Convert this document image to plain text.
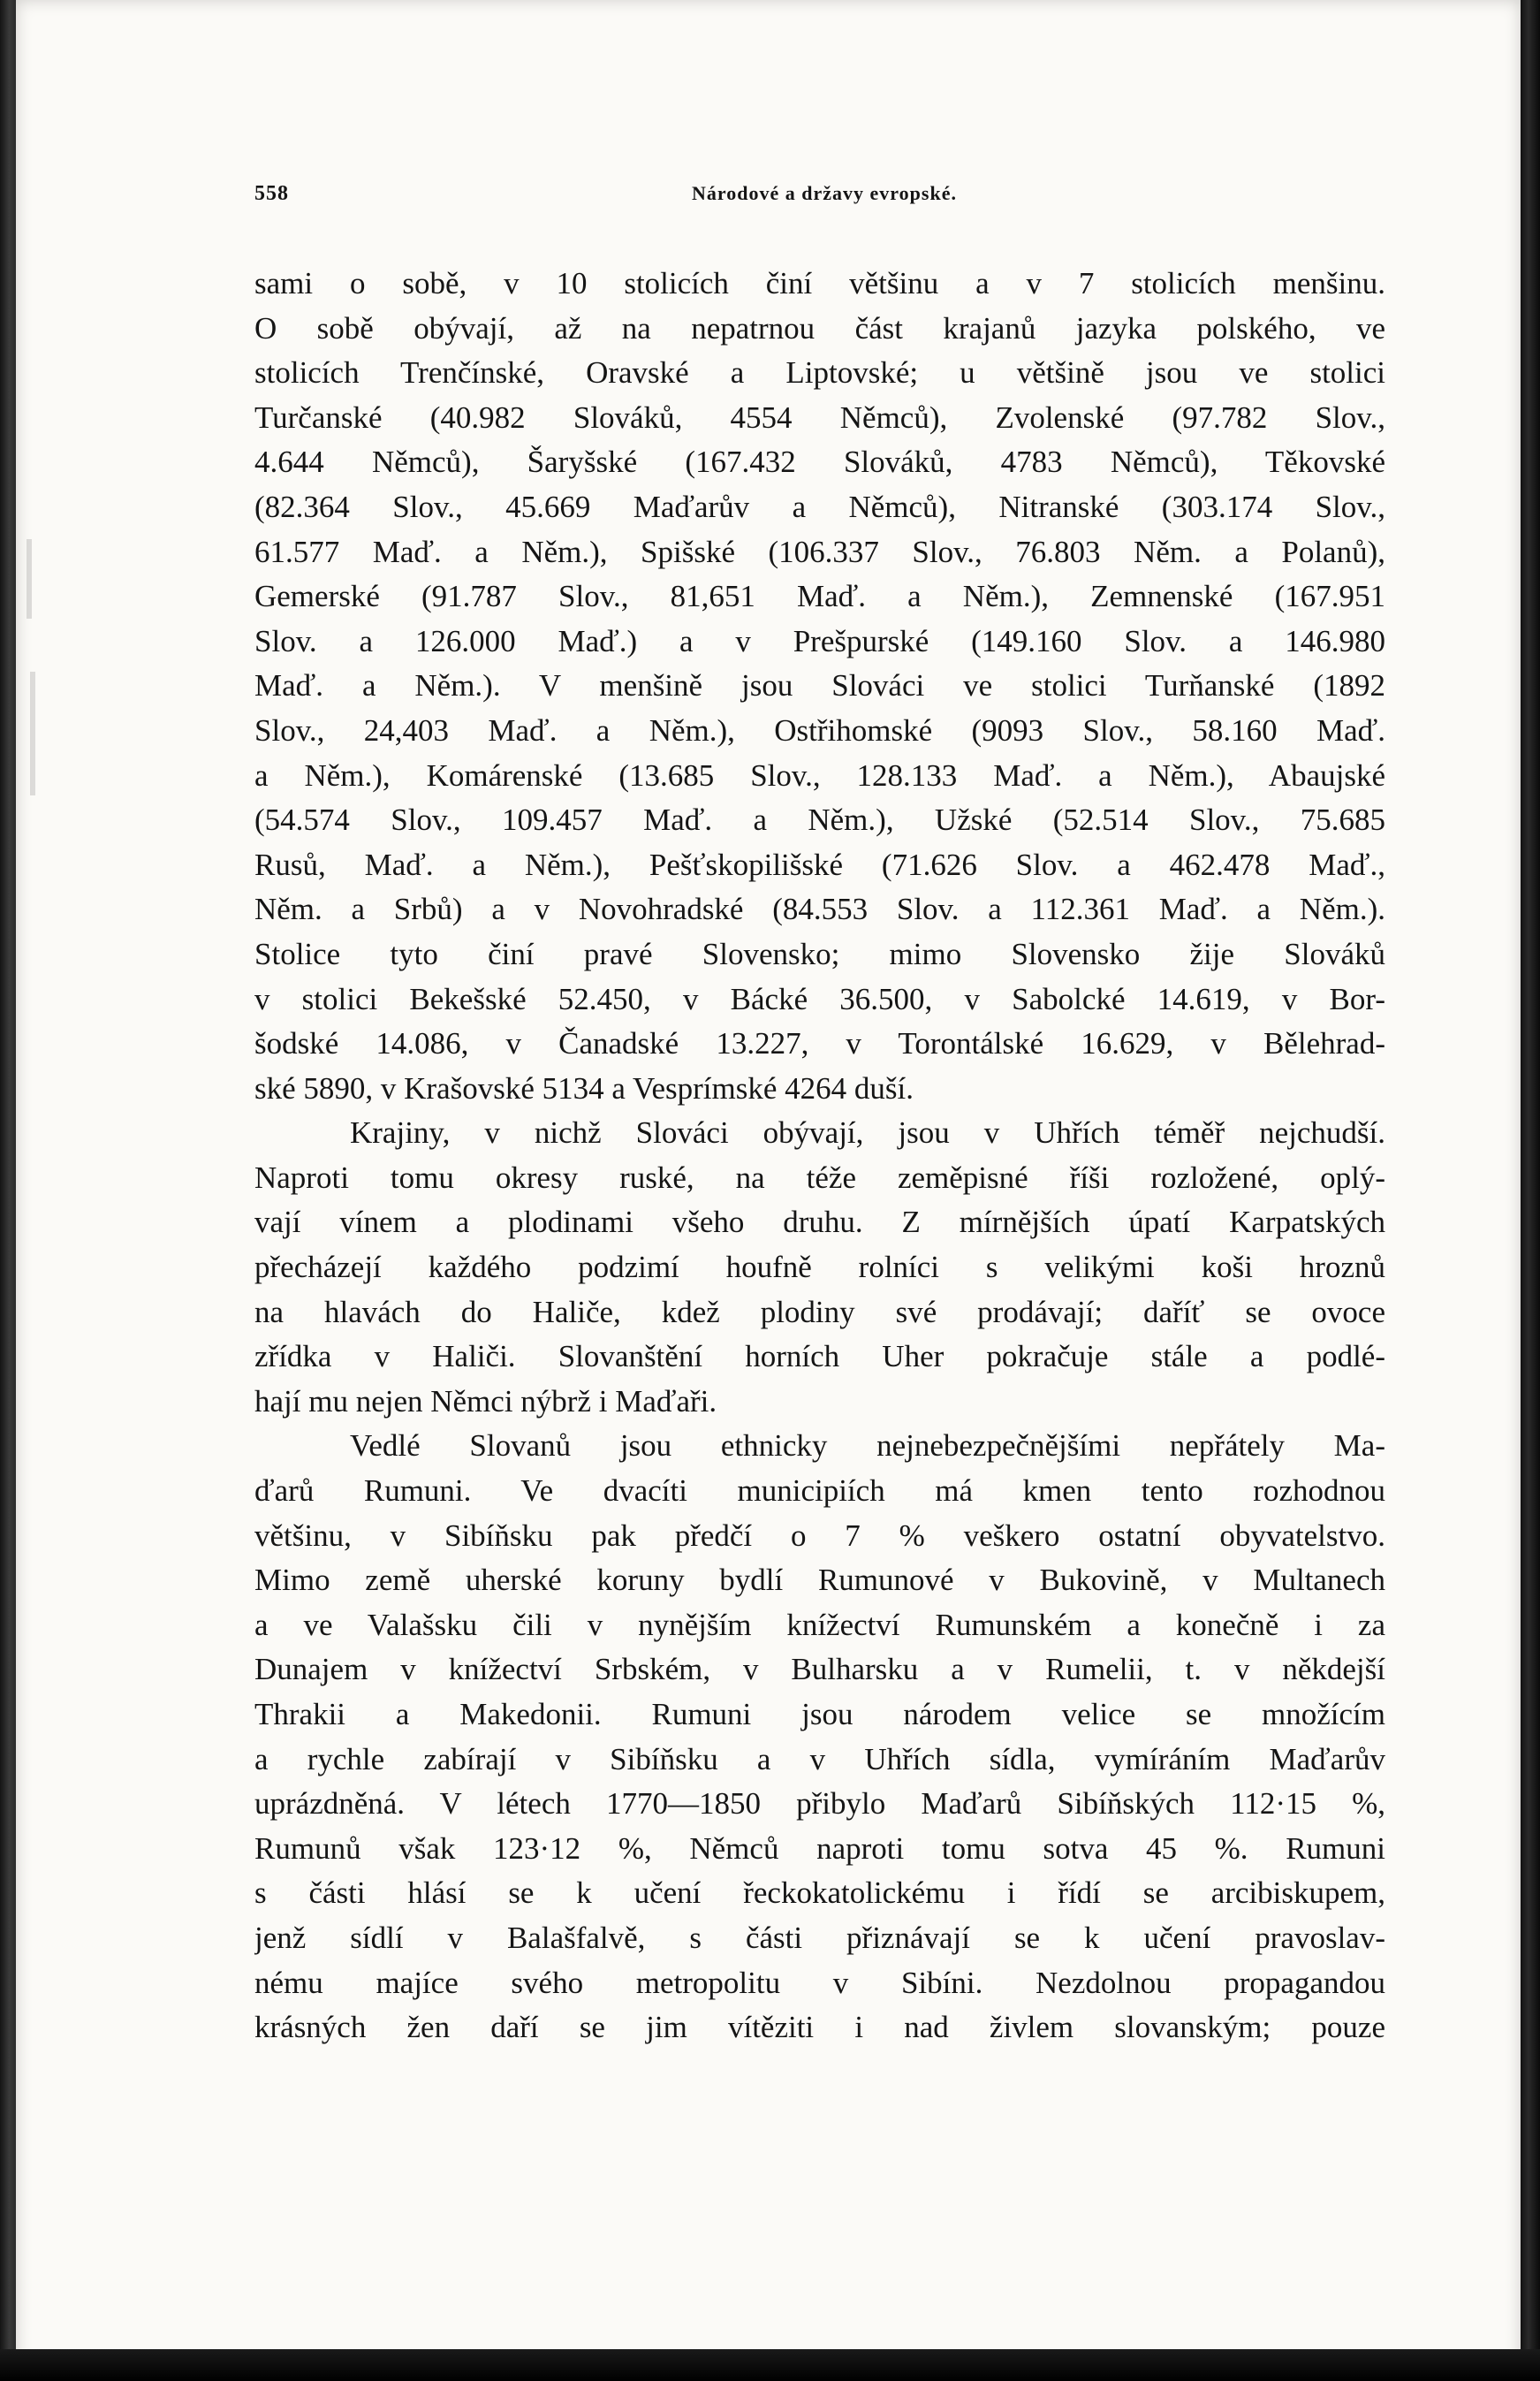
558	Národové a državy evropské.
sami o sobě, v 10 stolicích činí většinu a v 7 stolicích menšinu.
O sobě obývají, až na nepatrnou část krajanů jazyka polského, ve
stolicích Trenčínské, Oravské a Liptovské; u většině jsou ve stolici
Turčanské (40.982 Slováků, 4554 Němců), Zvolenské (97.782 Slov.,
4.644 Němců), Šaryšské (167.432 Slováků, 4783 Němců), Těkovské
(82.364 Slov., 45.669 Maďarův a Němců), Nitranské (303.174 Slov.,
61.577 Maď. a Něm.), Spišské (106.337 Slov., 76.803 Něm. a Polanů),
Gemerské (91.787 Slov., 81,651 Maď. a Něm.), Zemnenské (167.951
Slov. a 126.000 Maď.) a v Prešpurské (149.160 Slov. a 146.980
Maď. a Něm.). V menšině jsou Slováci ve stolici Turňanské (1892
Slov., 24,403 Maď. a Něm.), Ostřihomské (9093 Slov., 58.160 Maď.
a Něm.), Komárenské (13.685 Slov., 128.133 Maď. a Něm.), Abaujské
(54.574 Slov., 109.457 Maď. a Něm.), Užské (52.514 Slov., 75.685
Rusů, Maď. a Něm.), Pešťskopilišské (71.626 Slov. a 462.478 Maď.,
Něm. a Srbů) a v Novohradské (84.553 Slov. a 112.361 Maď. a Něm.).
Stolice tyto činí pravé Slovensko; mimo Slovensko žije Slováků
v stolici Bekešské 52.450, v Bácké 36.500, v Sabolcké 14.619, v Bor-
šodské 14.086, v Čanadské 13.227, v Torontálské 16.629, v Bělehrad-
ské 5890, v Krašovské 5134 a Vesprímské 4264 duší.
Krajiny, v nichž Slováci obývají, jsou v Uhřích téměř nejchudší.
Naproti tomu okresy ruské, na téže zeměpisné říši rozložené, oplý-
vají vínem a plodinami všeho druhu. Z mírnějších úpatí Karpatských
přecházejí každého podzimí houfně rolníci s velikými koši hroznů
na hlavách do Haliče, kdež plodiny své prodávají; daříť se ovoce
zřídka v Haliči. Slovanštění horních Uher pokračuje stále a podlé-
hají mu nejen Němci nýbrž i Maďaři.
Vedlé Slovanů jsou ethnicky nejnebezpečnějšími nepřátely Ma-
ďarů Rumuni. Ve dvacíti municipiích má kmen tento rozhodnou
většinu, v Sibíňsku pak předčí o 7 % veškero ostatní obyvatelstvo.
Mimo země uherské koruny bydlí Rumunové v Bukovině, v Multanech
a ve Valašsku čili v nynějším knížectví Rumunském a konečně i za
Dunajem v knížectví Srbském, v Bulharsku a v Rumelii, t. v někdejší
Thrakii a Makedonii. Rumuni jsou národem velice se množícím
a rychle zabírají v Sibíňsku a v Uhřích sídla, vymíráním Maďarův
uprázdněná. V létech 1770—1850 přibylo Maďarů Sibíňských 112·15 %,
Rumunů však 123·12 %, Němců naproti tomu sotva 45 %. Rumuni
s části hlásí se k učení řeckokatolickému i řídí se arcibiskupem,
jenž sídlí v Balašfalvě, s části přiznávají se k učení pravoslav-
nému majíce svého metropolitu v Sibíni. Nezdolnou propagandou
krásných žen daří se jim vítěziti i nad živlem slovanským; pouze
